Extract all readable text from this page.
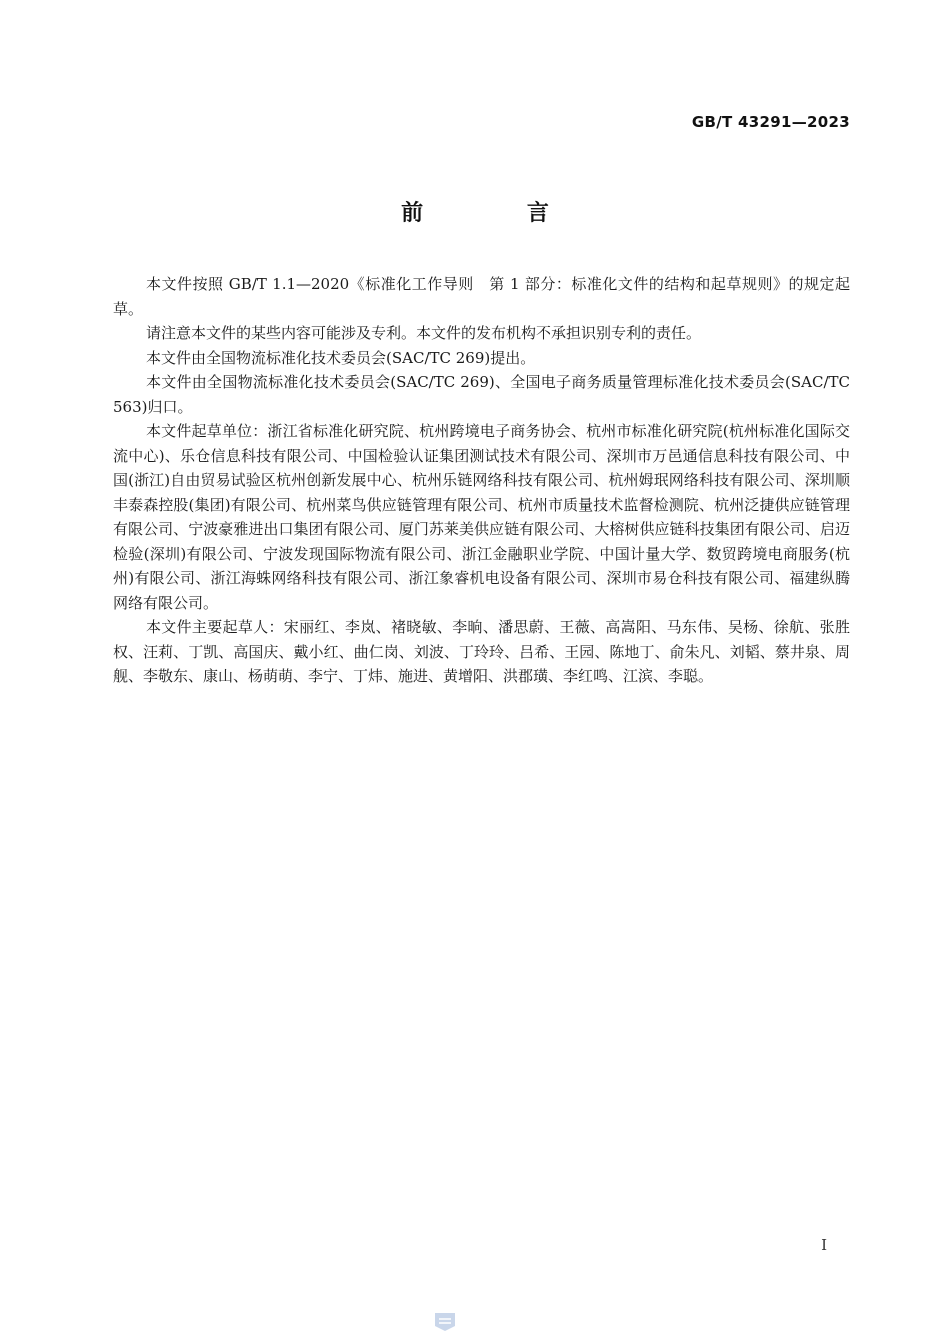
GB/T 43291—2023
前 言

本文件按照 GB/T 1.1—2020《标准化工作导则　第 1 部分：标准化文件的结构和起草规则》的规定起草。

请注意本文件的某些内容可能涉及专利。本文件的发布机构不承担识别专利的责任。

本文件由全国物流标准化技术委员会(SAC/TC 269)提出。

本文件由全国物流标准化技术委员会(SAC/TC 269)、全国电子商务质量管理标准化技术委员会(SAC/TC 563)归口。

本文件起草单位：浙江省标准化研究院、杭州跨境电子商务协会、杭州市标准化研究院(杭州标准化国际交流中心)、乐仓信息科技有限公司、中国检验认证集团测试技术有限公司、深圳市万邑通信息科技有限公司、中国(浙江)自由贸易试验区杭州创新发展中心、杭州乐链网络科技有限公司、杭州姆珉网络科技有限公司、深圳顺丰泰森控股(集团)有限公司、杭州菜鸟供应链管理有限公司、杭州市质量技术监督检测院、杭州泛捷供应链管理有限公司、宁波豪雅进出口集团有限公司、厦门苏莱美供应链有限公司、大榕树供应链科技集团有限公司、启迈检验(深圳)有限公司、宁波发现国际物流有限公司、浙江金融职业学院、中国计量大学、数贸跨境电商服务(杭州)有限公司、浙江海蛛网络科技有限公司、浙江象睿机电设备有限公司、深圳市易仓科技有限公司、福建纵腾网络有限公司。

本文件主要起草人：宋丽红、李岚、褚晓敏、李晌、潘思蔚、王薇、高嵩阳、马东伟、吴杨、徐航、张胜权、汪莉、丁凯、高国庆、戴小红、曲仁岗、刘波、丁玲玲、吕希、王园、陈地丁、俞朱凡、刘韬、蔡井泉、周舰、李敬东、康山、杨萌萌、李宁、丁炜、施进、黄增阳、洪郡璜、李红鸣、江滨、李聪。

I
